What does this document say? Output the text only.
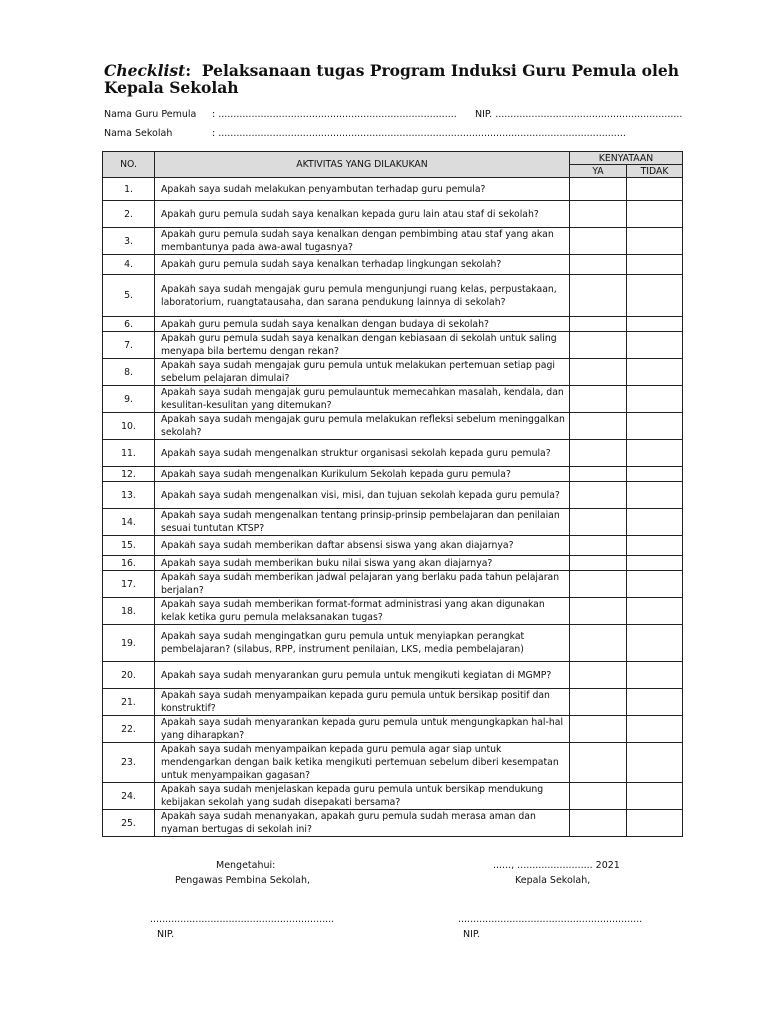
Checklist: Pelaksanaan tugas Program Induksi Guru Pemula oleh Kepala Sekolah
Nama Guru Pemula : ............................................................................... NIP. ..............................................................
Nama Sekolah	: .......................................................................................................................................
NO.	AKTIVITAS YANG DILAKUKAN	KENYATAAN	
		YA	TIDAK
1.	Apakah saya sudah melakukan penyambutan terhadap guru pemula?		
2.	Apakah guru pemula sudah saya kenalkan kepada guru lain atau staf di sekolah?		
3.	Apakah guru pemula sudah saya kenalkan dengan pembimbing atau staf yang akan membantunya pada awa-awal tugasnya?		
4.	Apakah guru pemula sudah saya kenalkan terhadap lingkungan sekolah?		
5.	Apakah saya sudah mengajak guru pemula mengunjungi ruang kelas, perpustakaan, laboratorium, ruangtatausaha, dan sarana pendukung lainnya di sekolah?		
6.	Apakah guru pemula sudah saya kenalkan dengan budaya di sekolah?		
7.	Apakah guru pemula sudah saya kenalkan dengan kebiasaan di sekolah untuk saling menyapa bila bertemu dengan rekan?		
8.	Apakah saya sudah mengajak guru pemula untuk melakukan pertemuan setiap pagi sebelum pelajaran dimulai?		
9.	Apakah saya sudah mengajak guru pemulauntuk memecahkan masalah, kendala, dan kesulitan-kesulitan yang ditemukan?		
10.	Apakah saya sudah mengajak guru pemula melakukan refleksi sebelum meninggalkan sekolah?		
11.	Apakah saya sudah mengenalkan struktur organisasi sekolah kepada guru pemula?		
12.	Apakah saya sudah mengenalkan Kurikulum Sekolah kepada guru pemula?		
13.	Apakah saya sudah mengenalkan visi, misi, dan tujuan sekolah kepada guru pemula?		
14.	Apakah saya sudah mengenalkan tentang prinsip-prinsip pembelajaran dan penilaian sesuai tuntutan KTSP?		
15.	Apakah saya sudah memberikan daftar absensi siswa yang akan diajarnya?		
16.	Apakah saya sudah memberikan buku nilai siswa yang akan diajarnya?		
17.	Apakah saya sudah memberikan jadwal pelajaran yang berlaku pada tahun pelajaran berjalan?		
18.	Apakah saya sudah memberikan format-format administrasi yang akan digunakan kelak ketika guru pemula melaksanakan tugas?		
19.	Apakah saya sudah mengingatkan guru pemula untuk menyiapkan perangkat pembelajaran? (silabus, RPP, instrument penilaian, LKS, media pembelajaran)		
20.	Apakah saya sudah menyarankan guru pemula untuk mengikuti kegiatan di MGMP?		
21.	Apakah saya sudah menyampaikan kepada guru pemula untuk bersikap positif dan konstruktif?		
22.	Apakah saya sudah menyarankan kepada guru pemula untuk mengungkapkan hal-hal yang diharapkan?		
23.	Apakah saya sudah menyampaikan kepada guru pemula agar siap untuk mendengarkan dengan baik ketika mengikuti pertemuan sebelum diberi kesempatan untuk menyampaikan gagasan?		
24.	Apakah saya sudah menjelaskan kepada guru pemula untuk bersikap mendukung kebijakan sekolah yang sudah disepakati bersama?		
25.	Apakah saya sudah menanyakan, apakah guru pemula sudah merasa aman dan nyaman bertugas di sekolah ini?		
Mengetahui:
Pengawas Pembina Sekolah,
.............................................................
NIP.
......, ......................... 2021
Kepala Sekolah,
.............................................................
NIP.
